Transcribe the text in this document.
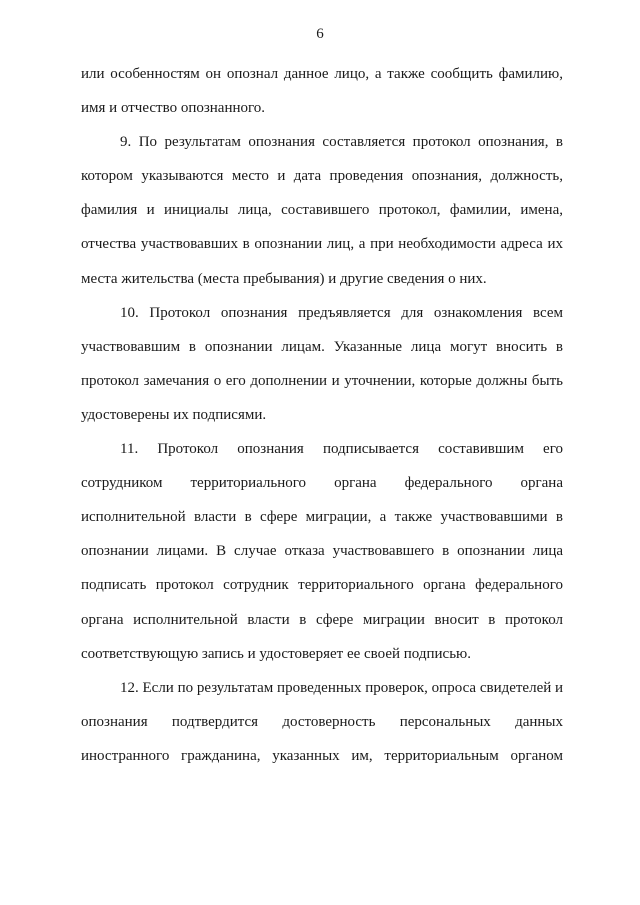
6
или особенностям он опознал данное лицо, а также сообщить фамилию,
имя и отчество опознанного.
9. По результатам опознания составляется протокол опознания, в
котором указываются место и дата проведения опознания, должность,
фамилия и инициалы лица, составившего протокол, фамилии, имена,
отчества участвовавших в опознании лиц, а при необходимости адреса их
места жительства (места пребывания) и другие сведения о них.
10. Протокол опознания предъявляется для ознакомления всем
участвовавшим в опознании лицам. Указанные лица могут вносить в
протокол замечания о его дополнении и уточнении, которые должны быть
удостоверены их подписями.
11. Протокол опознания подписывается составившим его
сотрудником территориального органа федерального органа
исполнительной власти в сфере миграции, а также участвовавшими в
опознании лицами. В случае отказа участвовавшего в опознании лица
подписать протокол сотрудник территориального органа федерального
органа исполнительной власти в сфере миграции вносит в протокол
соответствующую запись и удостоверяет ее своей подписью.
12. Если по результатам проведенных проверок, опроса свидетелей и
опознания подтвердится достоверность персональных данных
иностранного гражданина, указанных им, территориальным органом
